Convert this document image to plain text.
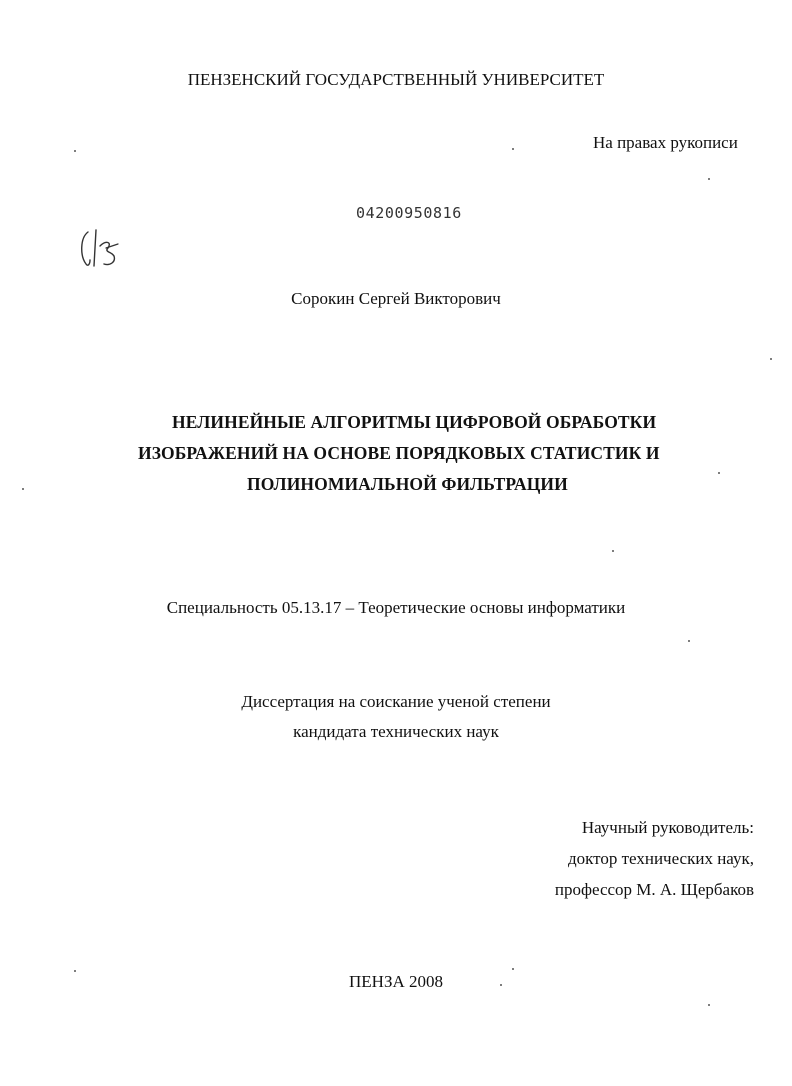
ПЕНЗЕНСКИЙ ГОСУДАРСТВЕННЫЙ УНИВЕРСИТЕТ
На правах рукописи
04200950816
Сорокин Сергей Викторович
НЕЛИНЕЙНЫЕ АЛГОРИТМЫ ЦИФРОВОЙ ОБРАБОТКИ
ИЗОБРАЖЕНИЙ НА ОСНОВЕ ПОРЯДКОВЫХ СТАТИСТИК И
ПОЛИНОМИАЛЬНОЙ ФИЛЬТРАЦИИ
Специальность 05.13.17 – Теоретические основы информатики
Диссертация на соискание ученой степени
кандидата технических наук
Научный руководитель:
доктор технических наук,
профессор М. А. Щербаков
ПЕНЗА 2008
